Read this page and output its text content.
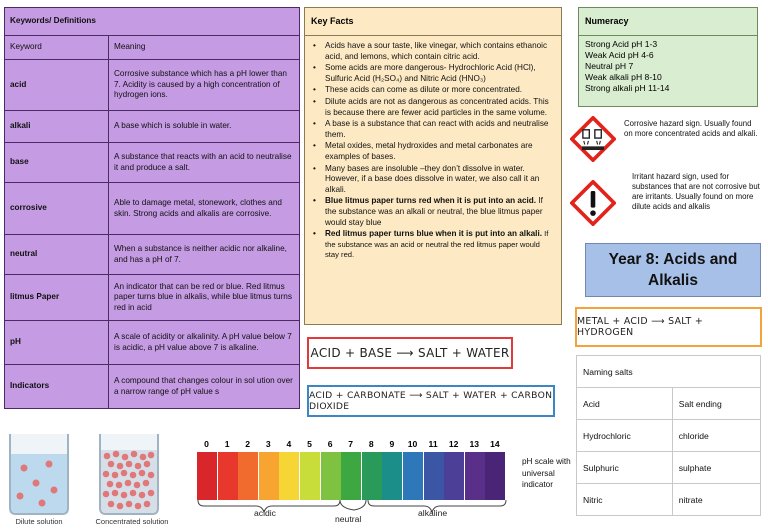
Keywords/ Definitions	
Keyword	Meaning
acid	Corrosive substance which has a pH lower than 7. Acidity is caused by a high concentration of hydrogen ions.
alkali	A base which is soluble in water.
base	A substance that reacts with an acid to neutralise it and produce a salt.
corrosive	Able to damage metal, stonework, clothes and skin. Strong acids and alkalis are corrosive.
neutral	When a substance is neither acidic nor alkaline, and has a pH of 7.
litmus Paper	An indicator that can be red or blue. Red litmus paper turns blue in alkalis, while blue litmus turns red in acid
pH	A scale of acidity or alkalinity. A pH value below 7 is acidic, a pH value above 7 is alkaline.
Indicators	A compound that changes colour in sol ution over a narrow range of pH value s
Key Facts
• Acids have a sour taste, like vinegar, which contains ethanoic acid, and lemons, which contain citric acid.
• Some acids are more dangerous- Hydrochloric Acid (HCl), Sulfuric Acid (H₂SO₄) and Nitric Acid (HNO₃)
• These acids can come as dilute or more concentrated.
• Dilute acids are not as dangerous as concentrated acids. This is because there are fewer acid particles in the same volume.
• A base is a substance that can react with acids and neutralise them.
• Metal oxides, metal hydroxides and metal carbonates are examples of bases.
• Many bases are insoluble –they don’t dissolve in water. However, if a base does dissolve in water, we also call it an alkali.
• Blue litmus paper turns red when it is put into an acid. If the substance was an alkali or neutral, the blue litmus paper would stay blue
• Red litmus paper turns blue when it is put into an alkali. If the substance was an acid or neutral the red litmus paper would stay red.
Numeracy
Strong Acid pH 1-3
Weak Acid pH 4-6
Neutral pH 7
Weak alkali pH 8-10
Strong alkali pH 11-14
Corrosive hazard sign. Usually found on more concentrated acids and alkali.
Irritant hazard sign, used for substances that are not corrosive but are irritants. Usually found on more dilute acids and alkalis
Year 8: Acids and Alkalis
ACID + BASE ⟶ SALT + WATER
ACID + CARBONATE ⟶ SALT + WATER + CARBON DIOXIDE
METAL + ACID ⟶ SALT + HYDROGEN
Naming salts	
Acid	Salt ending
Hydrochloric	chloride
Sulphuric	sulphate
Nitric	nitrate
Dilute solution	Concentrated solution
acidic
neutral
alkaline
pH scale with universal indicator
0	1	2	3	4	5	6	7	8	9	10	11	12	13	14
